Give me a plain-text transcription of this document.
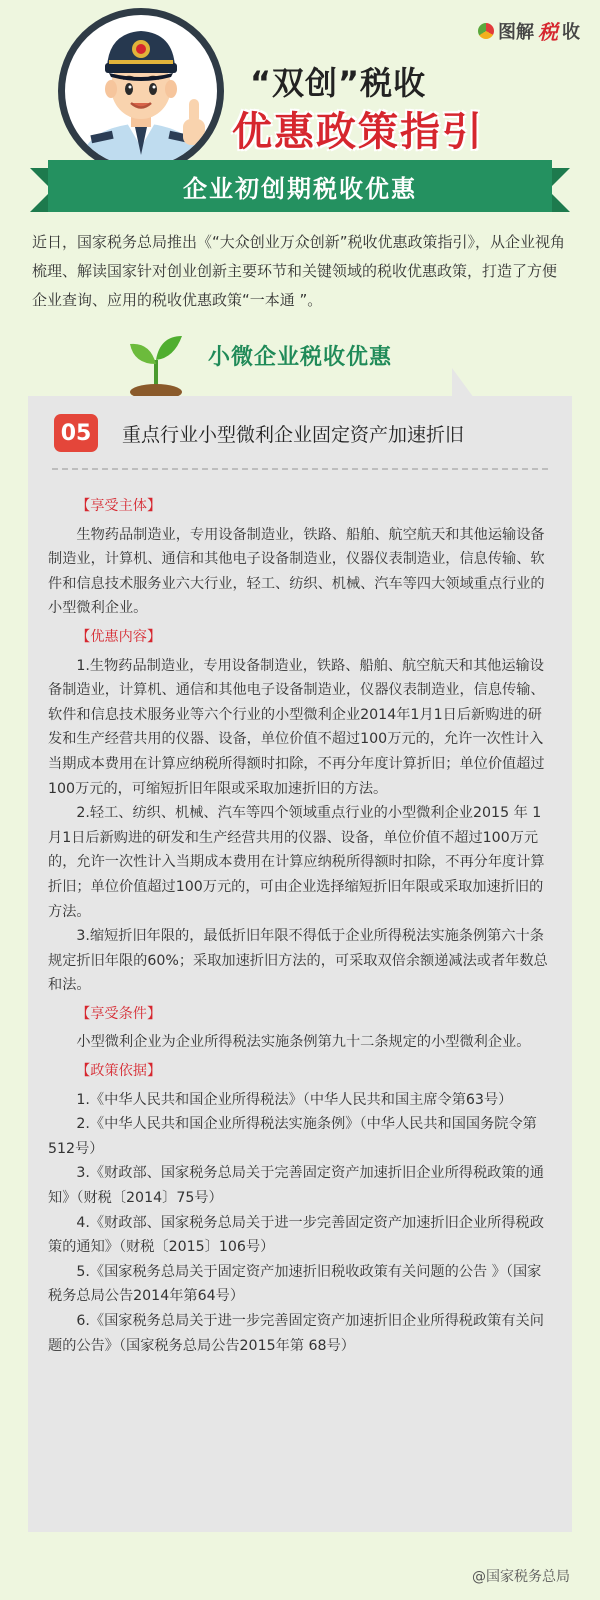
图解 税 收
“双创”税收
优惠政策指引
企业初创期税收优惠
近日，国家税务总局推出《“大众创业万众创新”税收优惠政策指引》，从企业视角梳理、解读国家针对创业创新主要环节和关键领域的税收优惠政策，打造了方便企业查询、应用的税收优惠政策“一本通 ”。
小微企业税收优惠
05	重点行业小型微利企业固定资产加速折旧
【享受主体】

生物药品制造业，专用设备制造业，铁路、船舶、航空航天和其他运输设备制造业，计算机、通信和其他电子设备制造业，仪器仪表制造业，信息传输、软件和信息技术服务业六大行业，轻工、纺织、机械、汽车等四大领域重点行业的小型微利企业。

【优惠内容】

1.生物药品制造业，专用设备制造业，铁路、船舶、航空航天和其他运输设备制造业，计算机、通信和其他电子设备制造业，仪器仪表制造业，信息传输、软件和信息技术服务业等六个行业的小型微利企业2014年1月1日后新购进的研发和生产经营共用的仪器、设备，单位价值不超过100万元的，允许一次性计入当期成本费用在计算应纳税所得额时扣除，不再分年度计算折旧；单位价值超过100万元的，可缩短折旧年限或采取加速折旧的方法。

2.轻工、纺织、机械、汽车等四个领域重点行业的小型微利企业2015 年 1月1日后新购进的研发和生产经营共用的仪器、设备，单位价值不超过100万元的，允许一次性计入当期成本费用在计算应纳税所得额时扣除，不再分年度计算折旧；单位价值超过100万元的，可由企业选择缩短折旧年限或采取加速折旧的方法。

3.缩短折旧年限的，最低折旧年限不得低于企业所得税法实施条例第六十条规定折旧年限的60%；采取加速折旧方法的，可采取双倍余额递减法或者年数总和法。

【享受条件】

小型微利企业为企业所得税法实施条例第九十二条规定的小型微利企业。

【政策依据】

1.《中华人民共和国企业所得税法》（中华人民共和国主席令第63号）

2.《中华人民共和国企业所得税法实施条例》（中华人民共和国国务院令第 512号）

3.《财政部、国家税务总局关于完善固定资产加速折旧企业所得税政策的通知》（财税〔2014〕75号）

4.《财政部、国家税务总局关于进一步完善固定资产加速折旧企业所得税政策的通知》（财税〔2015〕106号）

5.《国家税务总局关于固定资产加速折旧税收政策有关问题的公告 》（国家税务总局公告2014年第64号）

6.《国家税务总局关于进一步完善固定资产加速折旧企业所得税政策有关问题的公告》（国家税务总局公告2015年第 68号）

@国家税务总局
